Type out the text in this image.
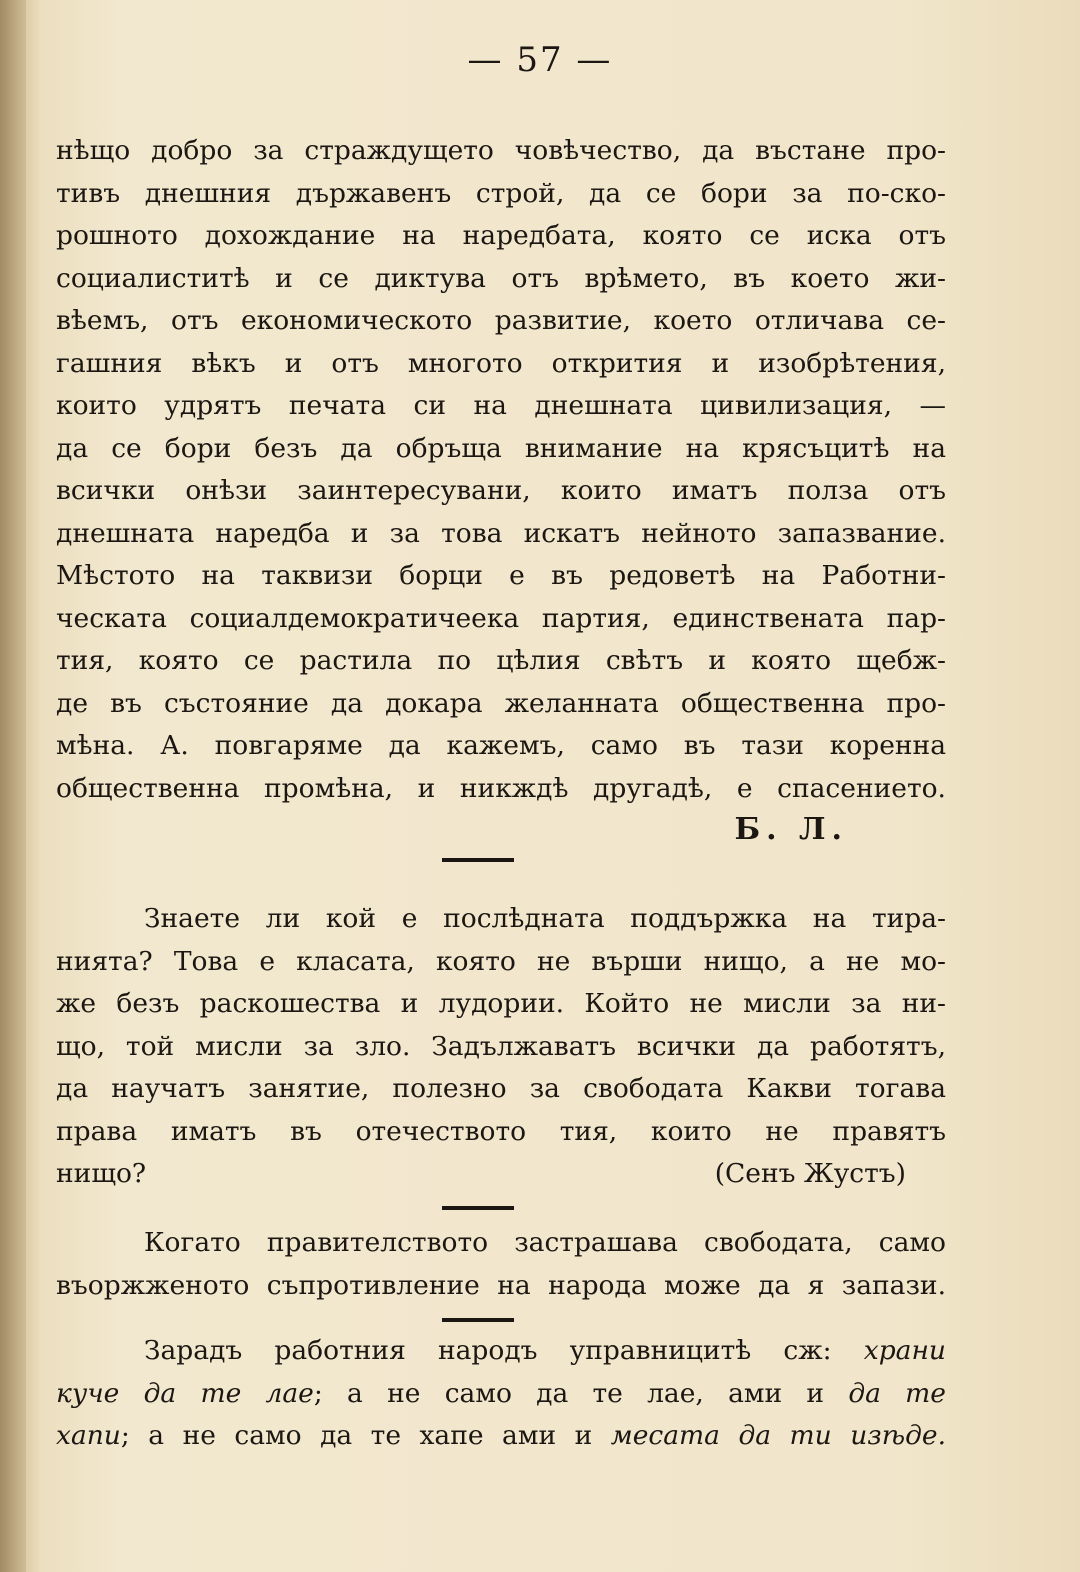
— 57 —
нѣщо добро за страждущето човѣчество, да въстане про-
тивъ днешния държавенъ строй, да се бори за по-ско-
рошното дохождание на наредбата, която се иска отъ
социалиститѣ и се диктува отъ врѣмето, въ което жи-
вѣемъ, отъ економическото развитие, което отличава се-
гашния вѣкъ и отъ многото открития и изобрѣтения,
които удрятъ печата си на днешната цивилизация, —
да се бори безъ да обръща внимание на крясъцитѣ на
всички онѣзи заинтересувани, които иматъ полза отъ
днешната наредба и за това искатъ нейното запазвание.
Мѣстото на таквизи борци е въ редоветѣ на Работни-
ческата социалдемократичеека партия, единствената пар-
тия, която се растила по цѣлия свѣтъ и която щебж-
де въ състояние да докара желанната общественна про-
мѣна. А. повгаряме да кажемъ, само въ тази коренна
общественна промѣна, и никждѣ другадѣ, е спасението.
Б. Л.
Знаете ли кой е послѣдната поддържка на тира-
нията? Това е класата, която не върши нищо, а не мо-
же безъ раскошества и лудории. Който не мисли за ни-
що, той мисли за зло. Задължаватъ всички да работятъ,
да научатъ занятие, полезно за свободата Какви тогава
права иматъ въ отечеството тия, които не правятъ
нищо?	(Сенъ Жустъ)
Когато правителството застрашава свободата, само
въоржженото съпротивление на народа може да я запази.
Зарадъ работния народъ управницитѣ сж: храни
куче да те лае; а не само да те лае, ами и да те
хапи; а не само да те хапе ами и месата да ти изѣде.
